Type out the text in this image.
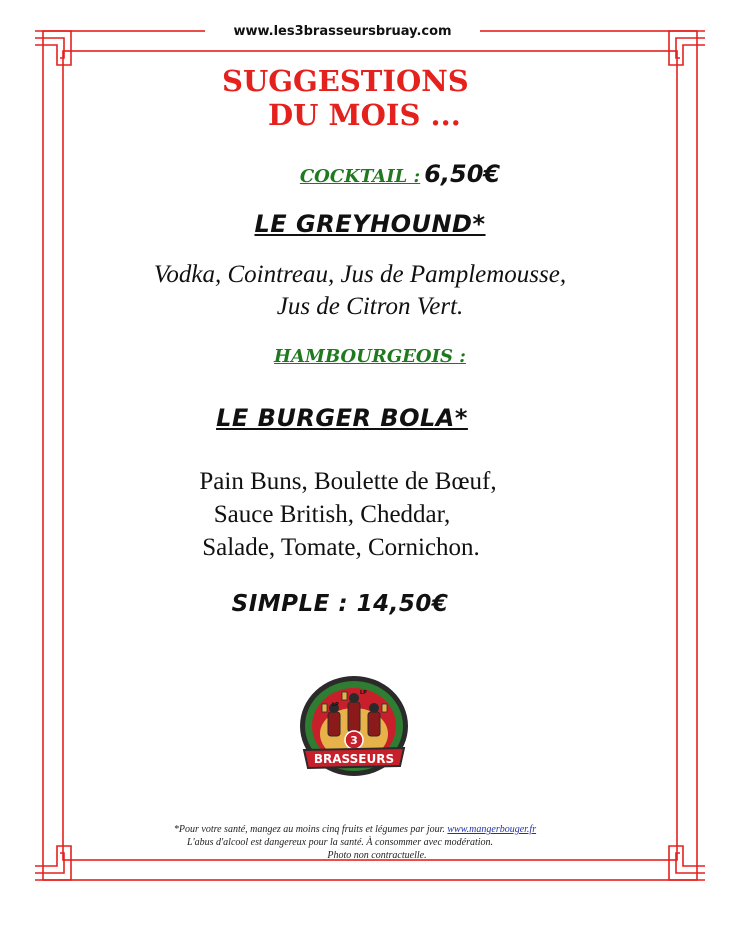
www.les3brasseursbruay.com
SUGGESTIONS
DU MOIS ...
COCKTAIL : 6,50€
LE GREYHOUND*
Vodka, Cointreau, Jus de Pamplemousse,
Jus de Citron Vert.
HAMBOURGEOIS :
LE BURGER BOLA*
Pain Buns, Boulette de Bœuf,
Sauce British, Cheddar,
Salade, Tomate, Cornichon.
SIMPLE : 14,50€
LP
LP
3
BRASSEURS
*Pour votre santé, mangez au moins cinq fruits et légumes par jour. www.mangerbouger.fr
L'abus d'alcool est dangereux pour la santé. À consommer avec modération.
Photo non contractuelle.
